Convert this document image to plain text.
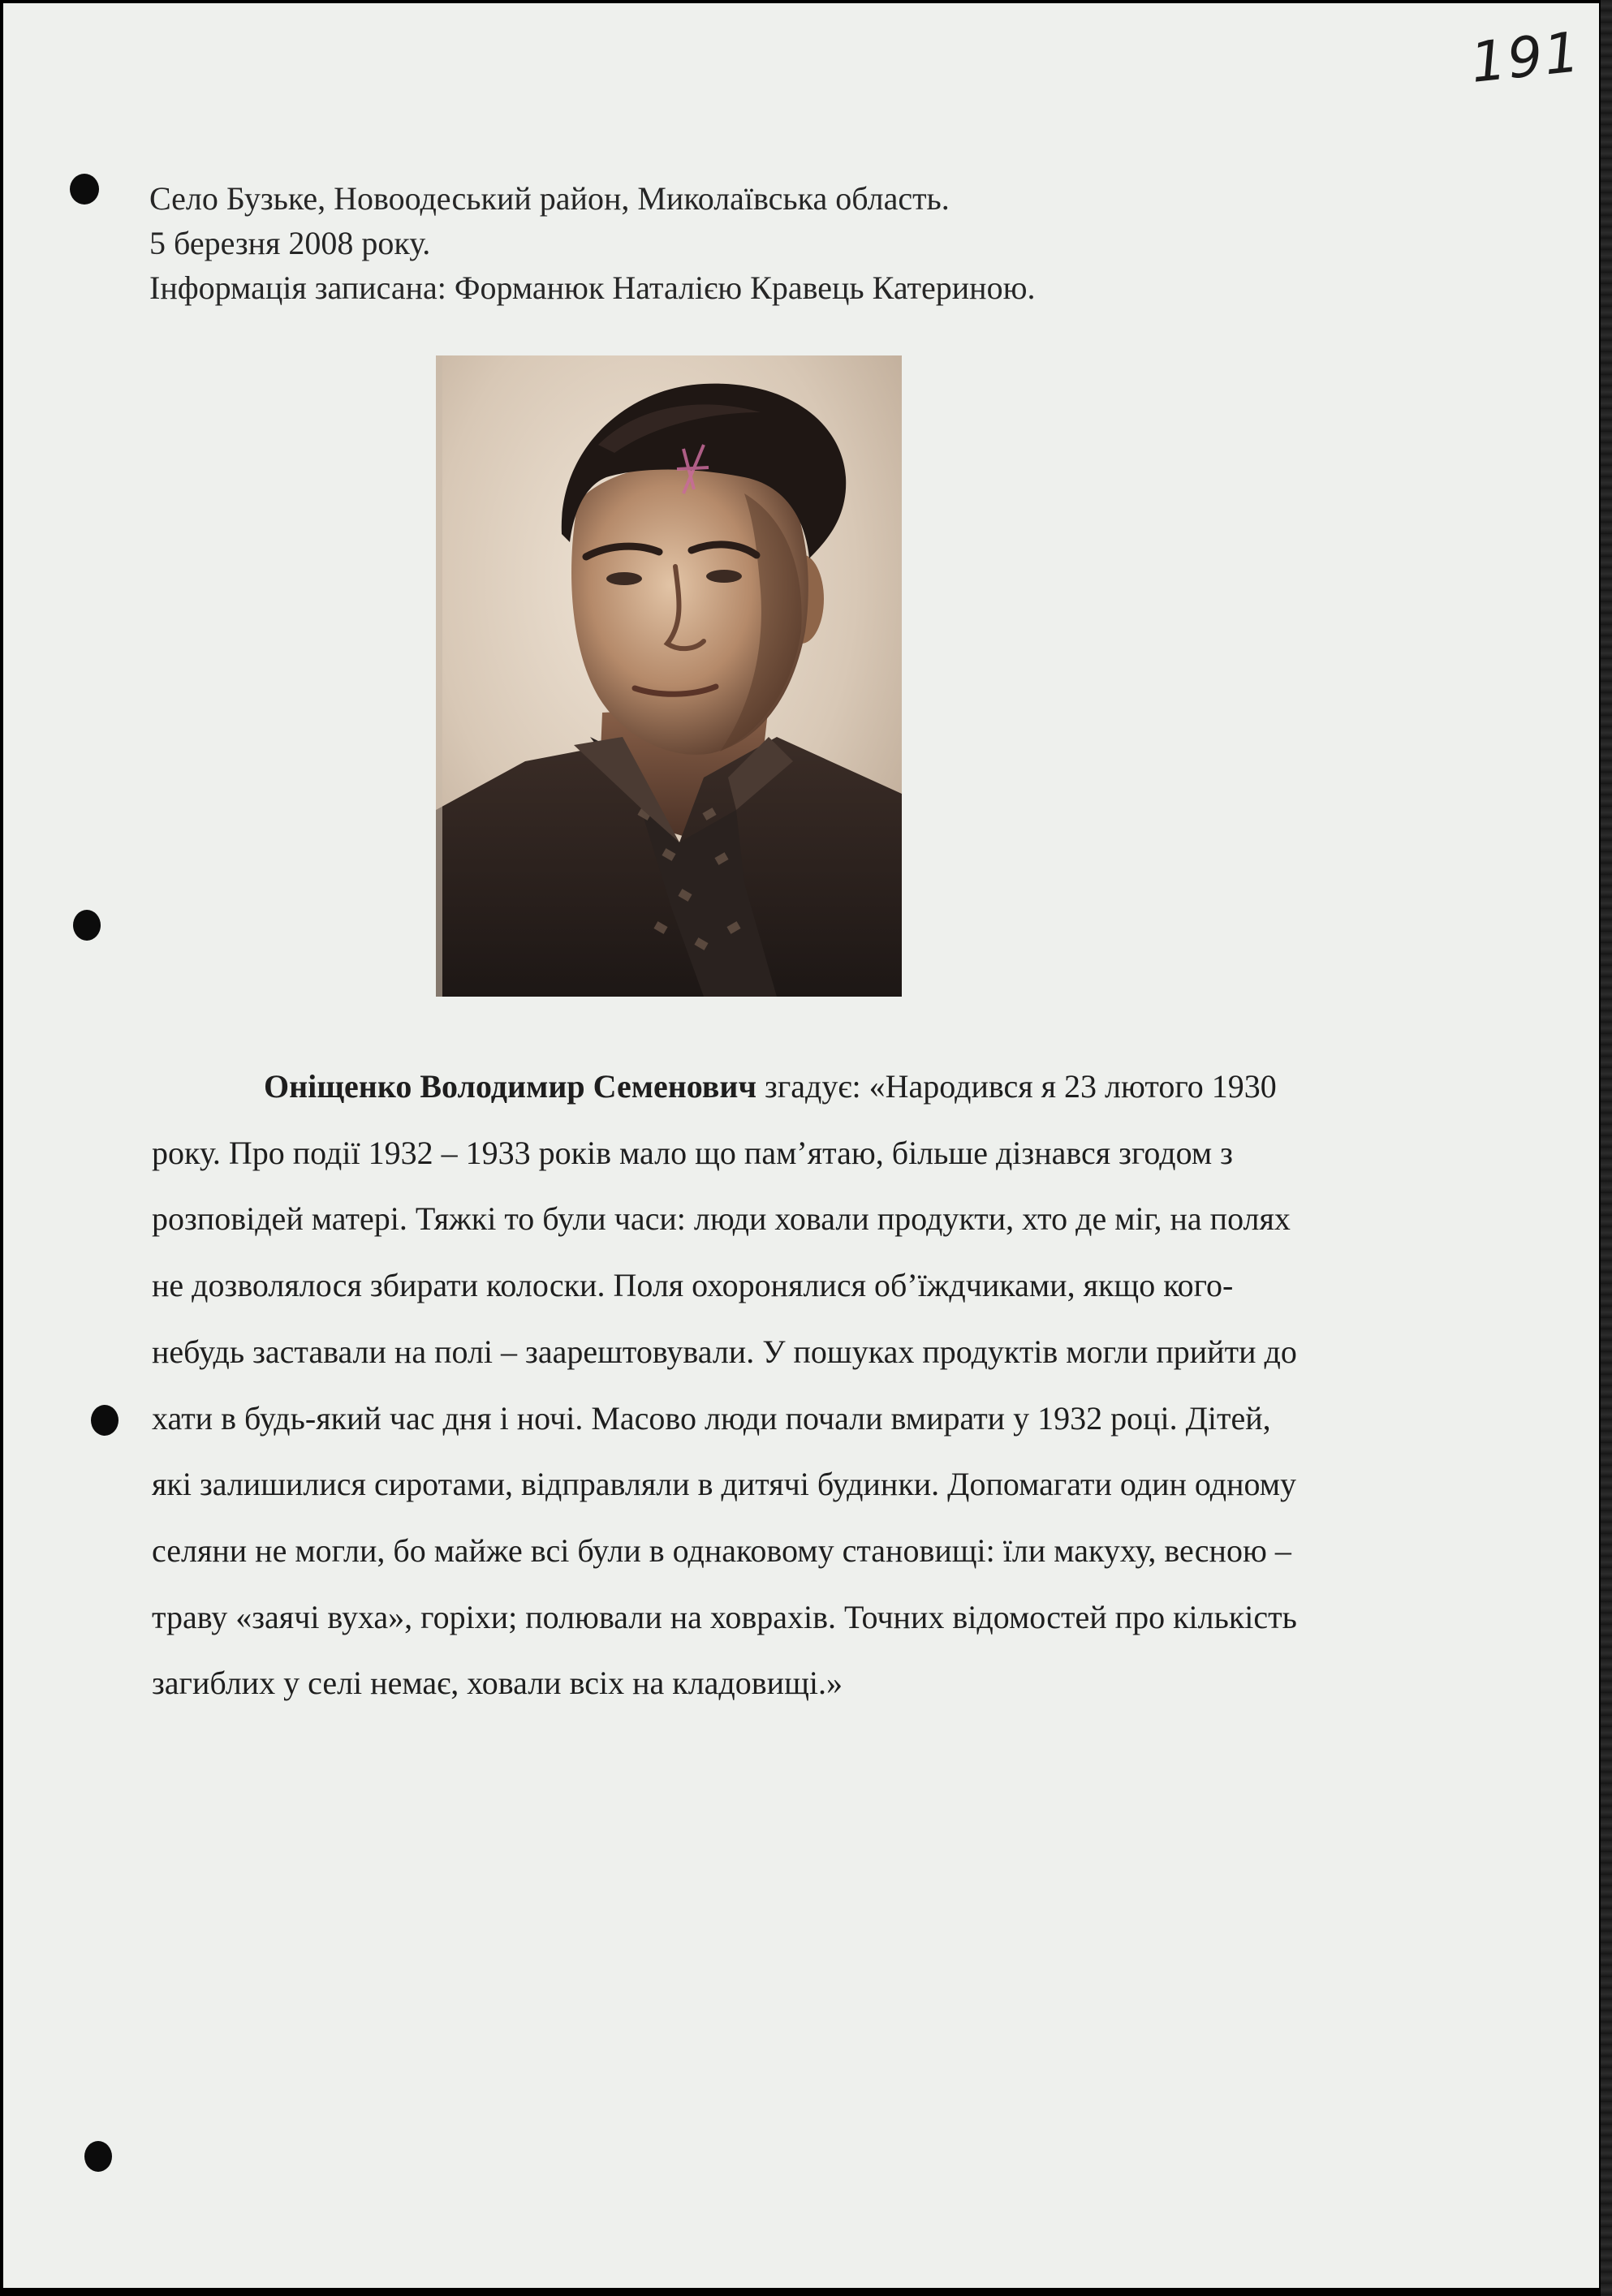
191
Село Бузьке, Новоодеський район, Миколаївська область.
5 березня 2008 року.
Інформація записана: Форманюк Наталією Кравець Катериною.
Оніщенко Володимир Семенович згадує: «Народився я 23 лютого 1930
року. Про події 1932 – 1933 років мало що пам’ятаю, більше дізнався згодом з
розповідей матері. Тяжкі то були часи: люди ховали продукти, хто де міг, на полях
не дозволялося збирати колоски. Поля охоронялися об’їждчиками, якщо кого-
небудь заставали на полі – заарештовували. У пошуках продуктів могли прийти до
хати в будь-який час дня і ночі. Масово люди почали вмирати у 1932 році. Дітей,
які залишилися сиротами, відправляли в дитячі будинки. Допомагати один одному
селяни не могли, бо майже всі були в однаковому становищі: їли макуху, весною –
траву «заячі вуха», горіхи; полювали на ховрахів. Точних відомостей про кількість
загиблих у селі немає, ховали всіх на кладовищі.»
